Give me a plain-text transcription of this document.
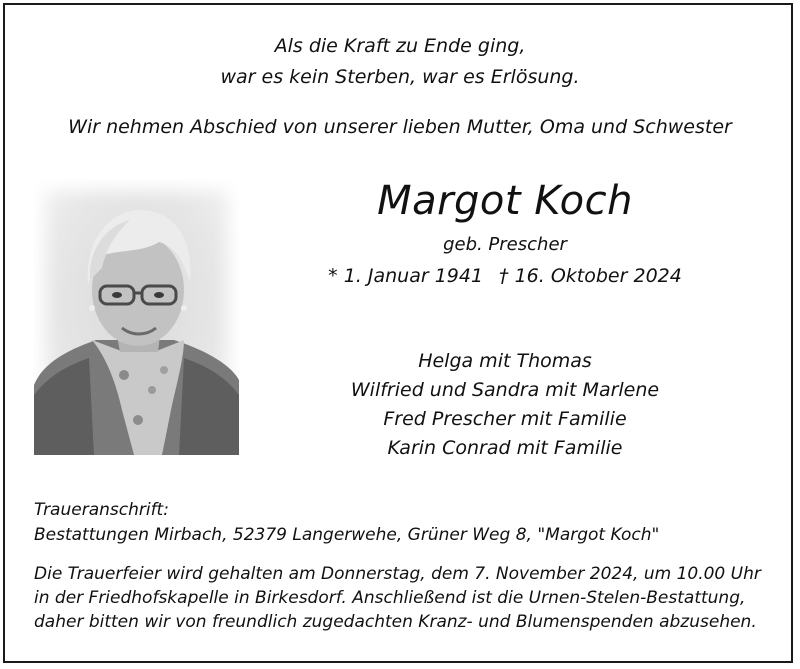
Als die Kraft zu Ende ging,
war es kein Sterben, war es Erlösung.
Wir nehmen Abschied von unserer lieben Mutter, Oma und Schwester
Margot Koch
geb. Prescher
* 1. Januar 1941 † 16. Oktober 2024
Helga mit Thomas
Wilfried und Sandra mit Marlene
Fred Prescher mit Familie
Karin Conrad mit Familie
Traueranschrift:
Bestattungen Mirbach, 52379 Langerwehe, Grüner Weg 8, "Margot Koch"
Die Trauerfeier wird gehalten am Donnerstag, dem 7. November 2024, um 10.00 Uhr
in der Friedhofskapelle in Birkesdorf. Anschließend ist die Urnen-Stelen-Bestattung,
daher bitten wir von freundlich zugedachten Kranz- und Blumenspenden abzusehen.
